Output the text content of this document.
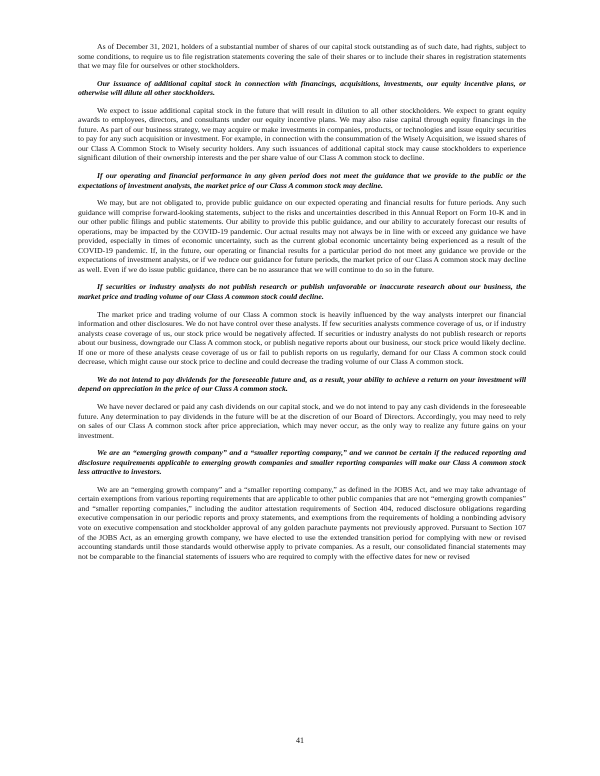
As of December 31, 2021, holders of a substantial number of shares of our capital stock outstanding as of such date, had rights, subject to some conditions, to require us to file registration statements covering the sale of their shares or to include their shares in registration statements that we may file for ourselves or other stockholders.

Our issuance of additional capital stock in connection with financings, acquisitions, investments, our equity incentive plans, or otherwise will dilute all other stockholders.

We expect to issue additional capital stock in the future that will result in dilution to all other stockholders. We expect to grant equity awards to employees, directors, and consultants under our equity incentive plans. We may also raise capital through equity financings in the future. As part of our business strategy, we may acquire or make investments in companies, products, or technologies and issue equity securities to pay for any such acquisition or investment. For example, in connection with the consummation of the Wisely Acquisition, we issued shares of our Class A Common Stock to Wisely security holders. Any such issuances of additional capital stock may cause stockholders to experience significant dilution of their ownership interests and the per share value of our Class A common stock to decline.

If our operating and financial performance in any given period does not meet the guidance that we provide to the public or the expectations of investment analysts, the market price of our Class A common stock may decline.

We may, but are not obligated to, provide public guidance on our expected operating and financial results for future periods. Any such guidance will comprise forward-looking statements, subject to the risks and uncertainties described in this Annual Report on Form 10-K and in our other public filings and public statements. Our ability to provide this public guidance, and our ability to accurately forecast our results of operations, may be impacted by the COVID-19 pandemic. Our actual results may not always be in line with or exceed any guidance we have provided, especially in times of economic uncertainty, such as the current global economic uncertainty being experienced as a result of the COVID-19 pandemic. If, in the future, our operating or financial results for a particular period do not meet any guidance we provide or the expectations of investment analysts, or if we reduce our guidance for future periods, the market price of our Class A common stock may decline as well. Even if we do issue public guidance, there can be no assurance that we will continue to do so in the future.

If securities or industry analysts do not publish research or publish unfavorable or inaccurate research about our business, the market price and trading volume of our Class A common stock could decline.

The market price and trading volume of our Class A common stock is heavily influenced by the way analysts interpret our financial information and other disclosures. We do not have control over these analysts. If few securities analysts commence coverage of us, or if industry analysts cease coverage of us, our stock price would be negatively affected. If securities or industry analysts do not publish research or reports about our business, downgrade our Class A common stock, or publish negative reports about our business, our stock price would likely decline. If one or more of these analysts cease coverage of us or fail to publish reports on us regularly, demand for our Class A common stock could decrease, which might cause our stock price to decline and could decrease the trading volume of our Class A common stock.

We do not intend to pay dividends for the foreseeable future and, as a result, your ability to achieve a return on your investment will depend on appreciation in the price of our Class A common stock.

We have never declared or paid any cash dividends on our capital stock, and we do not intend to pay any cash dividends in the foreseeable future. Any determination to pay dividends in the future will be at the discretion of our Board of Directors. Accordingly, you may need to rely on sales of our Class A common stock after price appreciation, which may never occur, as the only way to realize any future gains on your investment.

We are an “emerging growth company” and a “smaller reporting company,” and we cannot be certain if the reduced reporting and disclosure requirements applicable to emerging growth companies and smaller reporting companies will make our Class A common stock less attractive to investors.

We are an “emerging growth company” and a “smaller reporting company,” as defined in the JOBS Act, and we may take advantage of certain exemptions from various reporting requirements that are applicable to other public companies that are not “emerging growth companies” and “smaller reporting companies,” including the auditor attestation requirements of Section 404, reduced disclosure obligations regarding executive compensation in our periodic reports and proxy statements, and exemptions from the requirements of holding a nonbinding advisory vote on executive compensation and stockholder approval of any golden parachute payments not previously approved. Pursuant to Section 107 of the JOBS Act, as an emerging growth company, we have elected to use the extended transition period for complying with new or revised accounting standards until those standards would otherwise apply to private companies. As a result, our consolidated financial statements may not be comparable to the financial statements of issuers who are required to comply with the effective dates for new or revised

41
